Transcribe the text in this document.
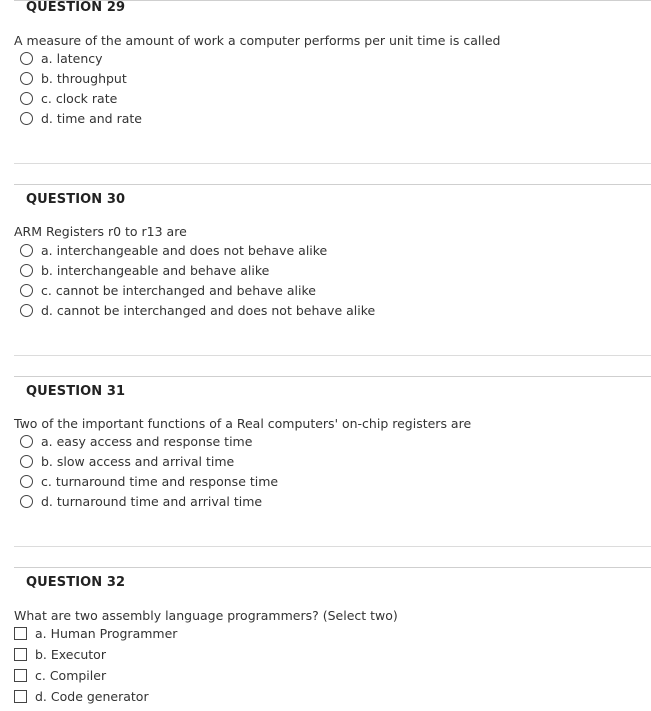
QUESTION 29
A measure of the amount of work a computer performs per unit time is called
a. latency
b. throughput
c. clock rate
d. time and rate
QUESTION 30
ARM Registers r0 to r13 are
a. interchangeable and does not behave alike
b. interchangeable and behave alike
c. cannot be interchanged and behave alike
d. cannot be interchanged and does not behave alike
QUESTION 31
Two of the important functions of a Real computers' on-chip registers are
a. easy access and response time
b. slow access and arrival time
c. turnaround time and response time
d. turnaround time and arrival time
QUESTION 32
What are two assembly language programmers? (Select two)
a. Human Programmer
b. Executor
c. Compiler
d. Code generator
